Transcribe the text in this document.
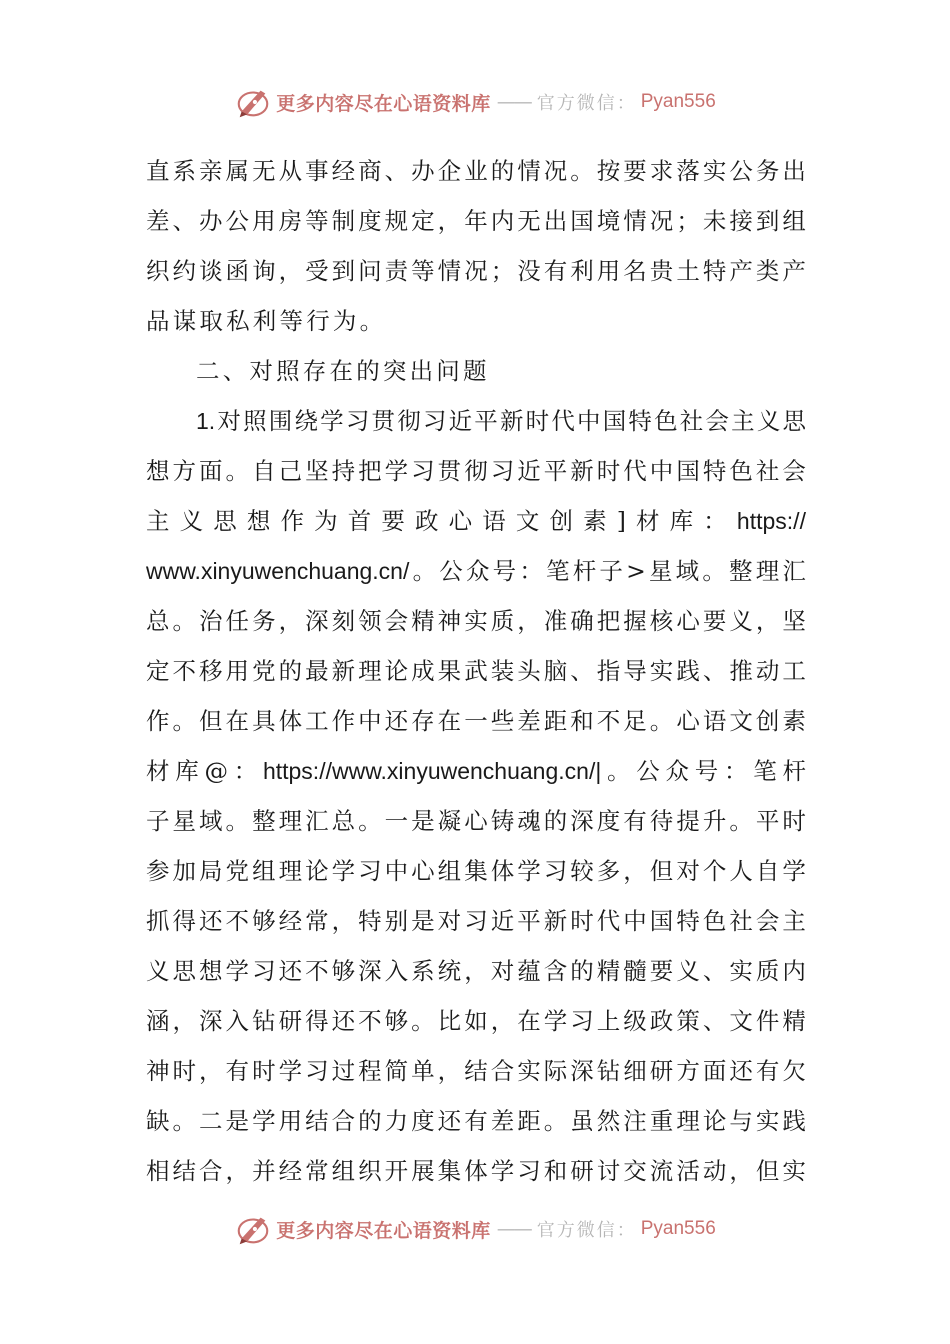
更多内容尽在心语资料库 —— 官方微信： Pyan556
直 系 亲 属 无 从 事 经 商 、 办 企 业 的 情 况 。 按 要 求 落 实 公 务 出
差 、 办 公 用 房 等 制 度 规 定 ， 年 内 无 出 国 境 情 况 ； 未 接 到 组
织 约 谈 函 询 ， 受 到 问 责 等 情 况 ； 没 有 利 用 名 贵 土 特 产 类 产
品谋取私利等行为。
二、对照存在的突出问题
1. 对 照 围 绕 学 习 贯 彻 习 近 平 新 时 代 中 国 特 色 社 会 主 义 思
想 方 面 。 自 己 坚 持 把 学 习 贯 彻 习 近 平 新 时 代 中 国 特 色 社 会
主 义 思 想 作 为 首 要 政 心 语 文 创 素 ] 材 库 ： https://
www.xinyuwenchuang.cn/ 。 公 众 号 ： 笔 杆 子 > 星 域 。 整 理 汇
总 。 治 任 务 ， 深 刻 领 会 精 神 实 质 ， 准 确 把 握 核 心 要 义 ， 坚
定 不 移 用 党 的 最 新 理 论 成 果 武 装 头 脑 、 指 导 实 践 、 推 动 工
作 。 但 在 具 体 工 作 中 还 存 在 一 些 差 距 和 不 足 。 心 语 文 创 素
材 库 @ ： https://www.xinyuwenchuang.cn/| 。 公 众 号 ： 笔 杆
子 星 域 。 整 理 汇 总 。 一 是 凝 心 铸 魂 的 深 度 有 待 提 升 。 平 时
参 加 局 党 组 理 论 学 习 中 心 组 集 体 学 习 较 多 ， 但 对 个 人 自 学
抓 得 还 不 够 经 常 ， 特 别 是 对 习 近 平 新 时 代 中 国 特 色 社 会 主
义 思 想 学 习 还 不 够 深 入 系 统 ， 对 蕴 含 的 精 髓 要 义 、 实 质 内
涵 ， 深 入 钻 研 得 还 不 够 。 比 如 ， 在 学 习 上 级 政 策 、 文 件 精
神 时 ， 有 时 学 习 过 程 简 单 ， 结 合 实 际 深 钻 细 研 方 面 还 有 欠
缺 。 二 是 学 用 结 合 的 力 度 还 有 差 距 。 虽 然 注 重 理 论 与 实 践
相 结 合 ， 并 经 常 组 织 开 展 集 体 学 习 和 研 讨 交 流 活 动 ， 但 实
更多内容尽在心语资料库 —— 官方微信： Pyan556
